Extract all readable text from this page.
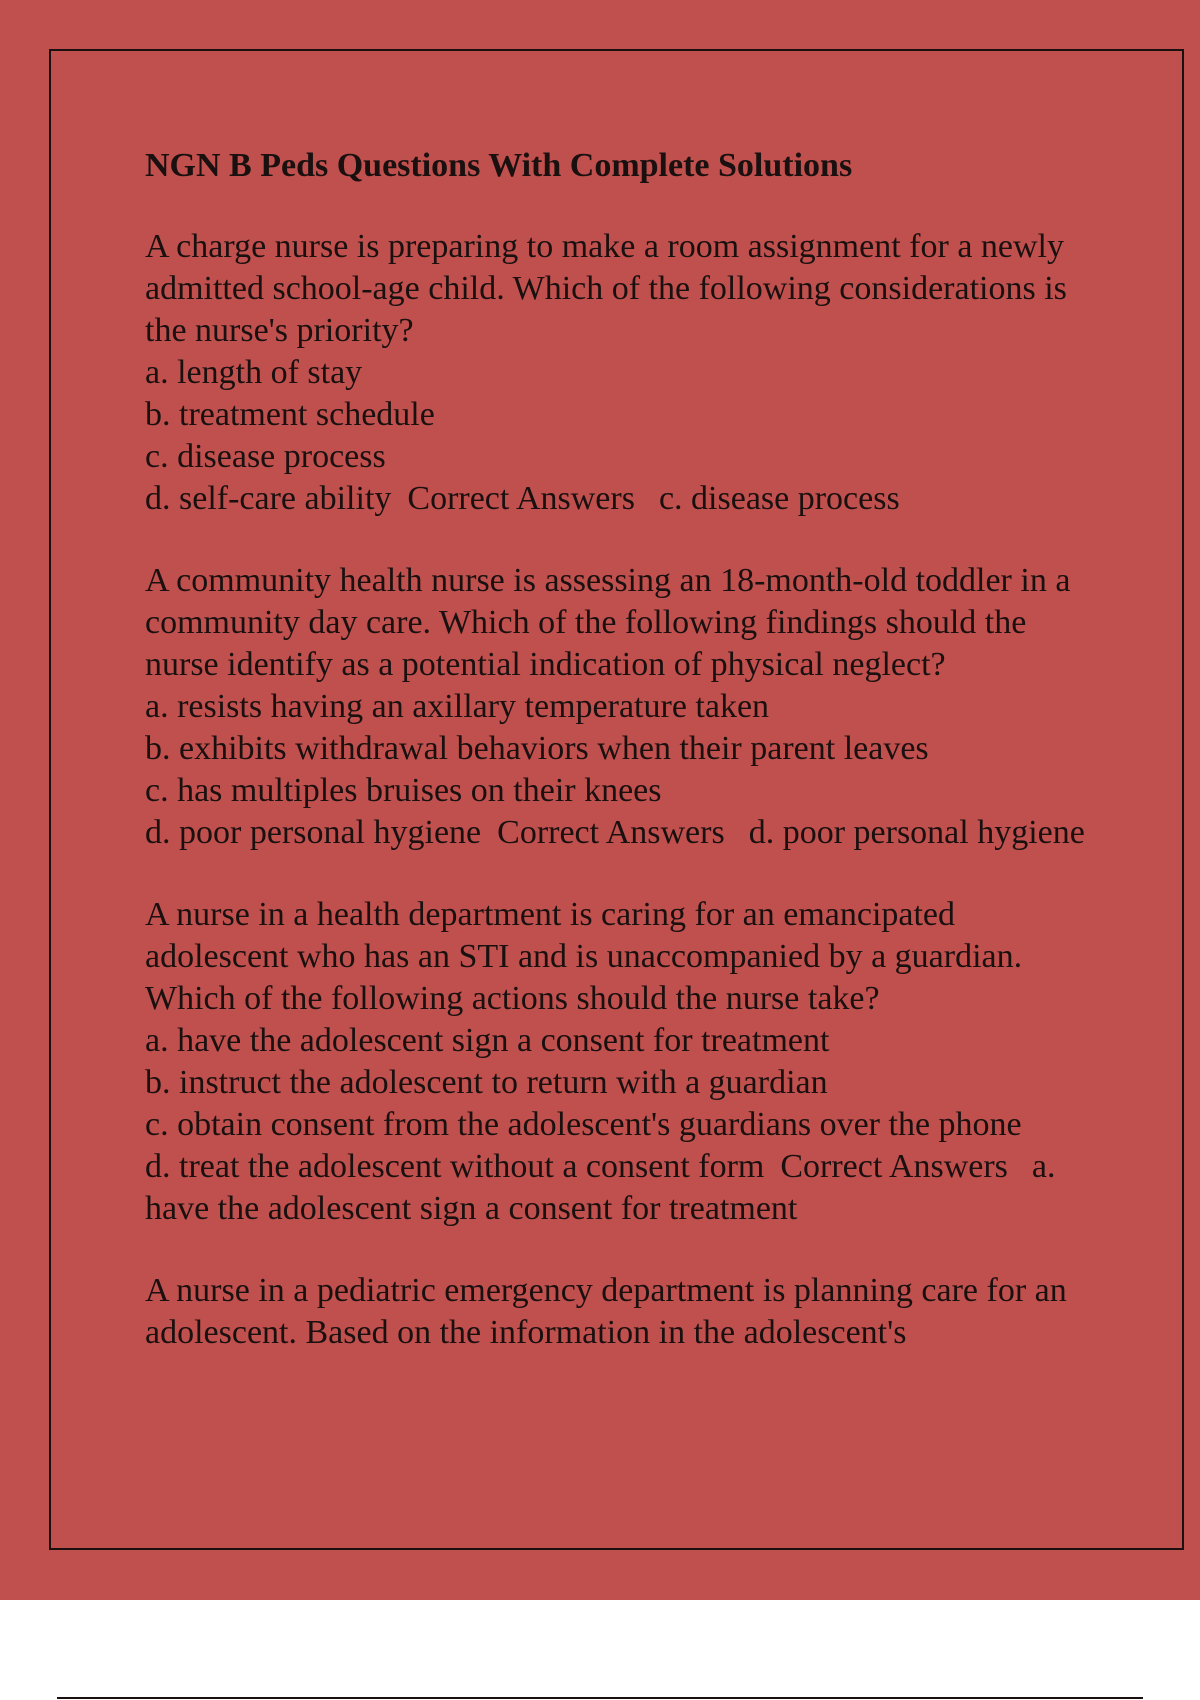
NGN B Peds Questions With Complete Solutions

A charge nurse is preparing to make a room assignment for a newly admitted school-age child. Which of the following considerations is the nurse's priority?

a. length of stay

b. treatment schedule

c. disease process

d. self-care ability Correct Answers c. disease process

A community health nurse is assessing an 18-month-old toddler in a community day care. Which of the following findings should the nurse identify as a potential indication of physical neglect?

a. resists having an axillary temperature taken

b. exhibits withdrawal behaviors when their parent leaves

c. has multiples bruises on their knees

d. poor personal hygiene Correct Answers d. poor personal hygiene

A nurse in a health department is caring for an emancipated adolescent who has an STI and is unaccompanied by a guardian. Which of the following actions should the nurse take?

a. have the adolescent sign a consent for treatment

b. instruct the adolescent to return with a guardian

c. obtain consent from the adolescent's guardians over the phone

d. treat the adolescent without a consent form Correct Answers a. have the adolescent sign a consent for treatment

A nurse in a pediatric emergency department is planning care for an adolescent. Based on the information in the adolescent's
